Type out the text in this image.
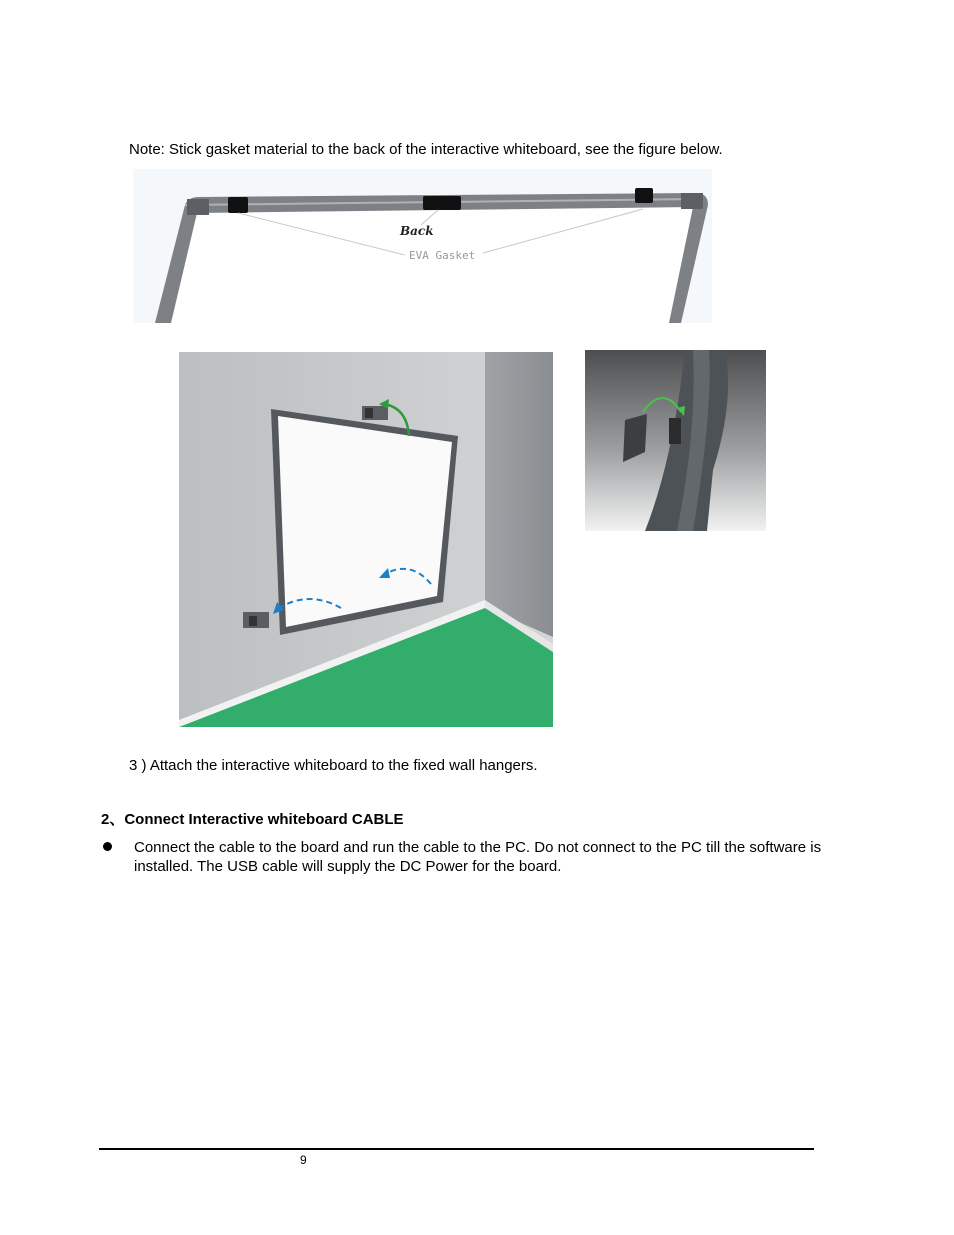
Note: Stick gasket material to the back of the interactive whiteboard, see the figure below.
Back
EVA Gasket
3 ) Attach the interactive whiteboard to the fixed wall hangers.
2、Connect Interactive whiteboard CABLE
Connect the cable to the board and run the cable to the PC. Do not connect to the PC till the software is installed. The USB cable will supply the DC Power for the board.
9
